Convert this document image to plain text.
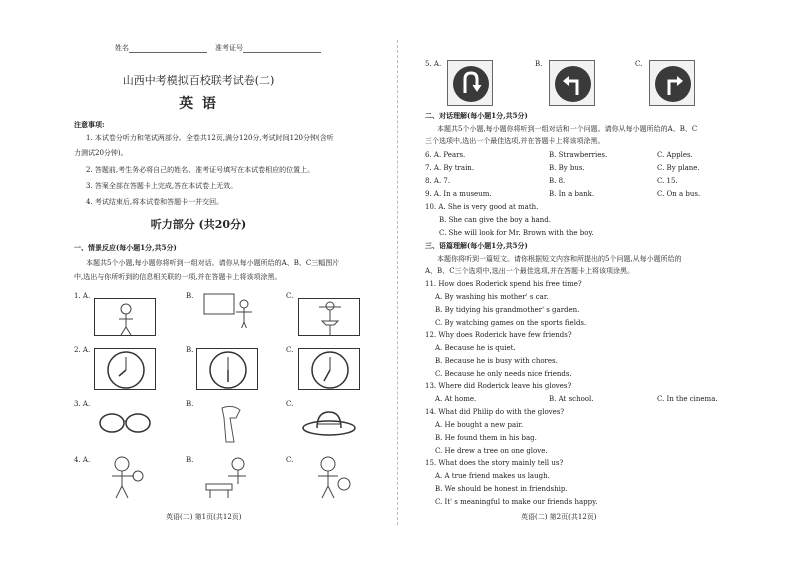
姓名	准考证号
山西中考模拟百校联考试卷(二)
英 语
注意事项:
1. 本试卷分听力和笔试两部分。全卷共12页,满分120分,考试时间120分钟(含听
力测试20分钟)。
2. 答题前,考生务必将自己的姓名、准考证号填写在本试卷相应的位置上。
3. 答案全部在答题卡上完成,答在本试卷上无效。
4. 考试结束后,将本试卷和答题卡一并交回。
听力部分 (共20分)
一、情景反应(每小题1分,共5分)
本题共5个小题,每小题你将听到一组对话。请你从每小题所给的A、B、C三幅图片
中,选出与你所听到的信息相关联的一项,并在答题卡上将该项涂黑。
1. A.	B.	C.
2. A.	B.	C.
3. A.	B.	C.
4. A.	B.	C.
英语(二) 第1页(共12页)
5. A.	B.	C.
二、对话理解(每小题1分,共5分)
本题共5个小题,每小题你将听到一组对话和一个问题。请你从每小题所给的A、B、C
三个选项中,选出一个最佳选项,并在答题卡上将该项涂黑。
6. A. Pears.	B. Strawberries.	C. Apples.
7. A. By train.	B. By bus.	C. By plane.
8. A. 7.	B. 8.	C. 15.
9. A. In a museum.	B. In a bank.	C. On a bus.
10. A. She is very good at math.
B. She can give the boy a hand.
C. She will look for Mr. Brown with the boy.
三、语篇理解(每小题1分,共5分)
本题你将听到一篇短文。请你根据短文内容和所提出的5个问题,从每小题所给的
A、B、C三个选项中,选出一个最佳选项,并在答题卡上将该项涂黑。
11. How does Roderick spend his free time?
A. By washing his mother' s car.
B. By tidying his grandmother' s garden.
C. By watching games on the sports fields.
12. Why does Roderick have few friends?
A. Because he is quiet.
B. Because he is busy with chores.
C. Because he only needs nice friends.
13. Where did Roderick leave his gloves?
A. At home.	B. At school.	C. In the cinema.
14. What did Philip do with the gloves?
A. He bought a new pair.
B. He found them in his bag.
C. He drew a tree on one glove.
15. What does the story mainly tell us?
A. A true friend makes us laugh.
B. We should be honest in friendship.
C. It' s meaningful to make our friends happy.
英语(二) 第2页(共12页)
